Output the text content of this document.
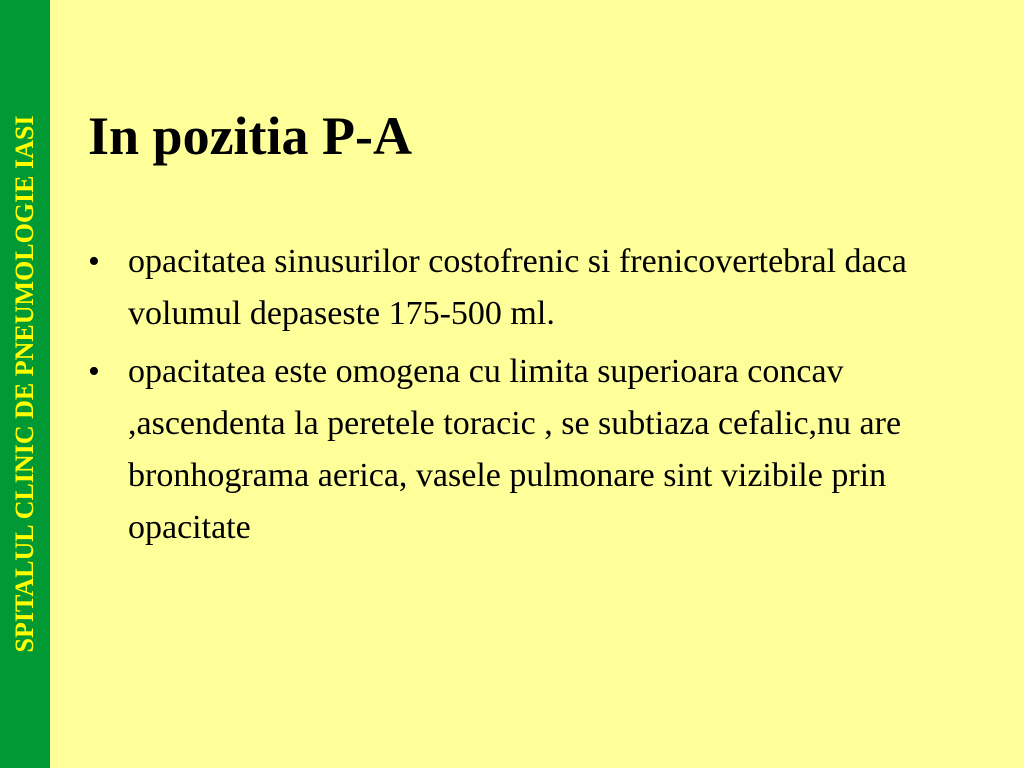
SPITALUL CLINIC DE PNEUMOLOGIE IASI In pozitia P-A
• opacitatea sinusurilor costofrenic si frenicovertebral daca volumul depaseste 175-500 ml.
• opacitatea este omogena cu limita superioara concav ,ascendenta la peretele toracic , se subtiaza cefalic,nu are bronhograma aerica, vasele pulmonare sint vizibile prin opacitate
